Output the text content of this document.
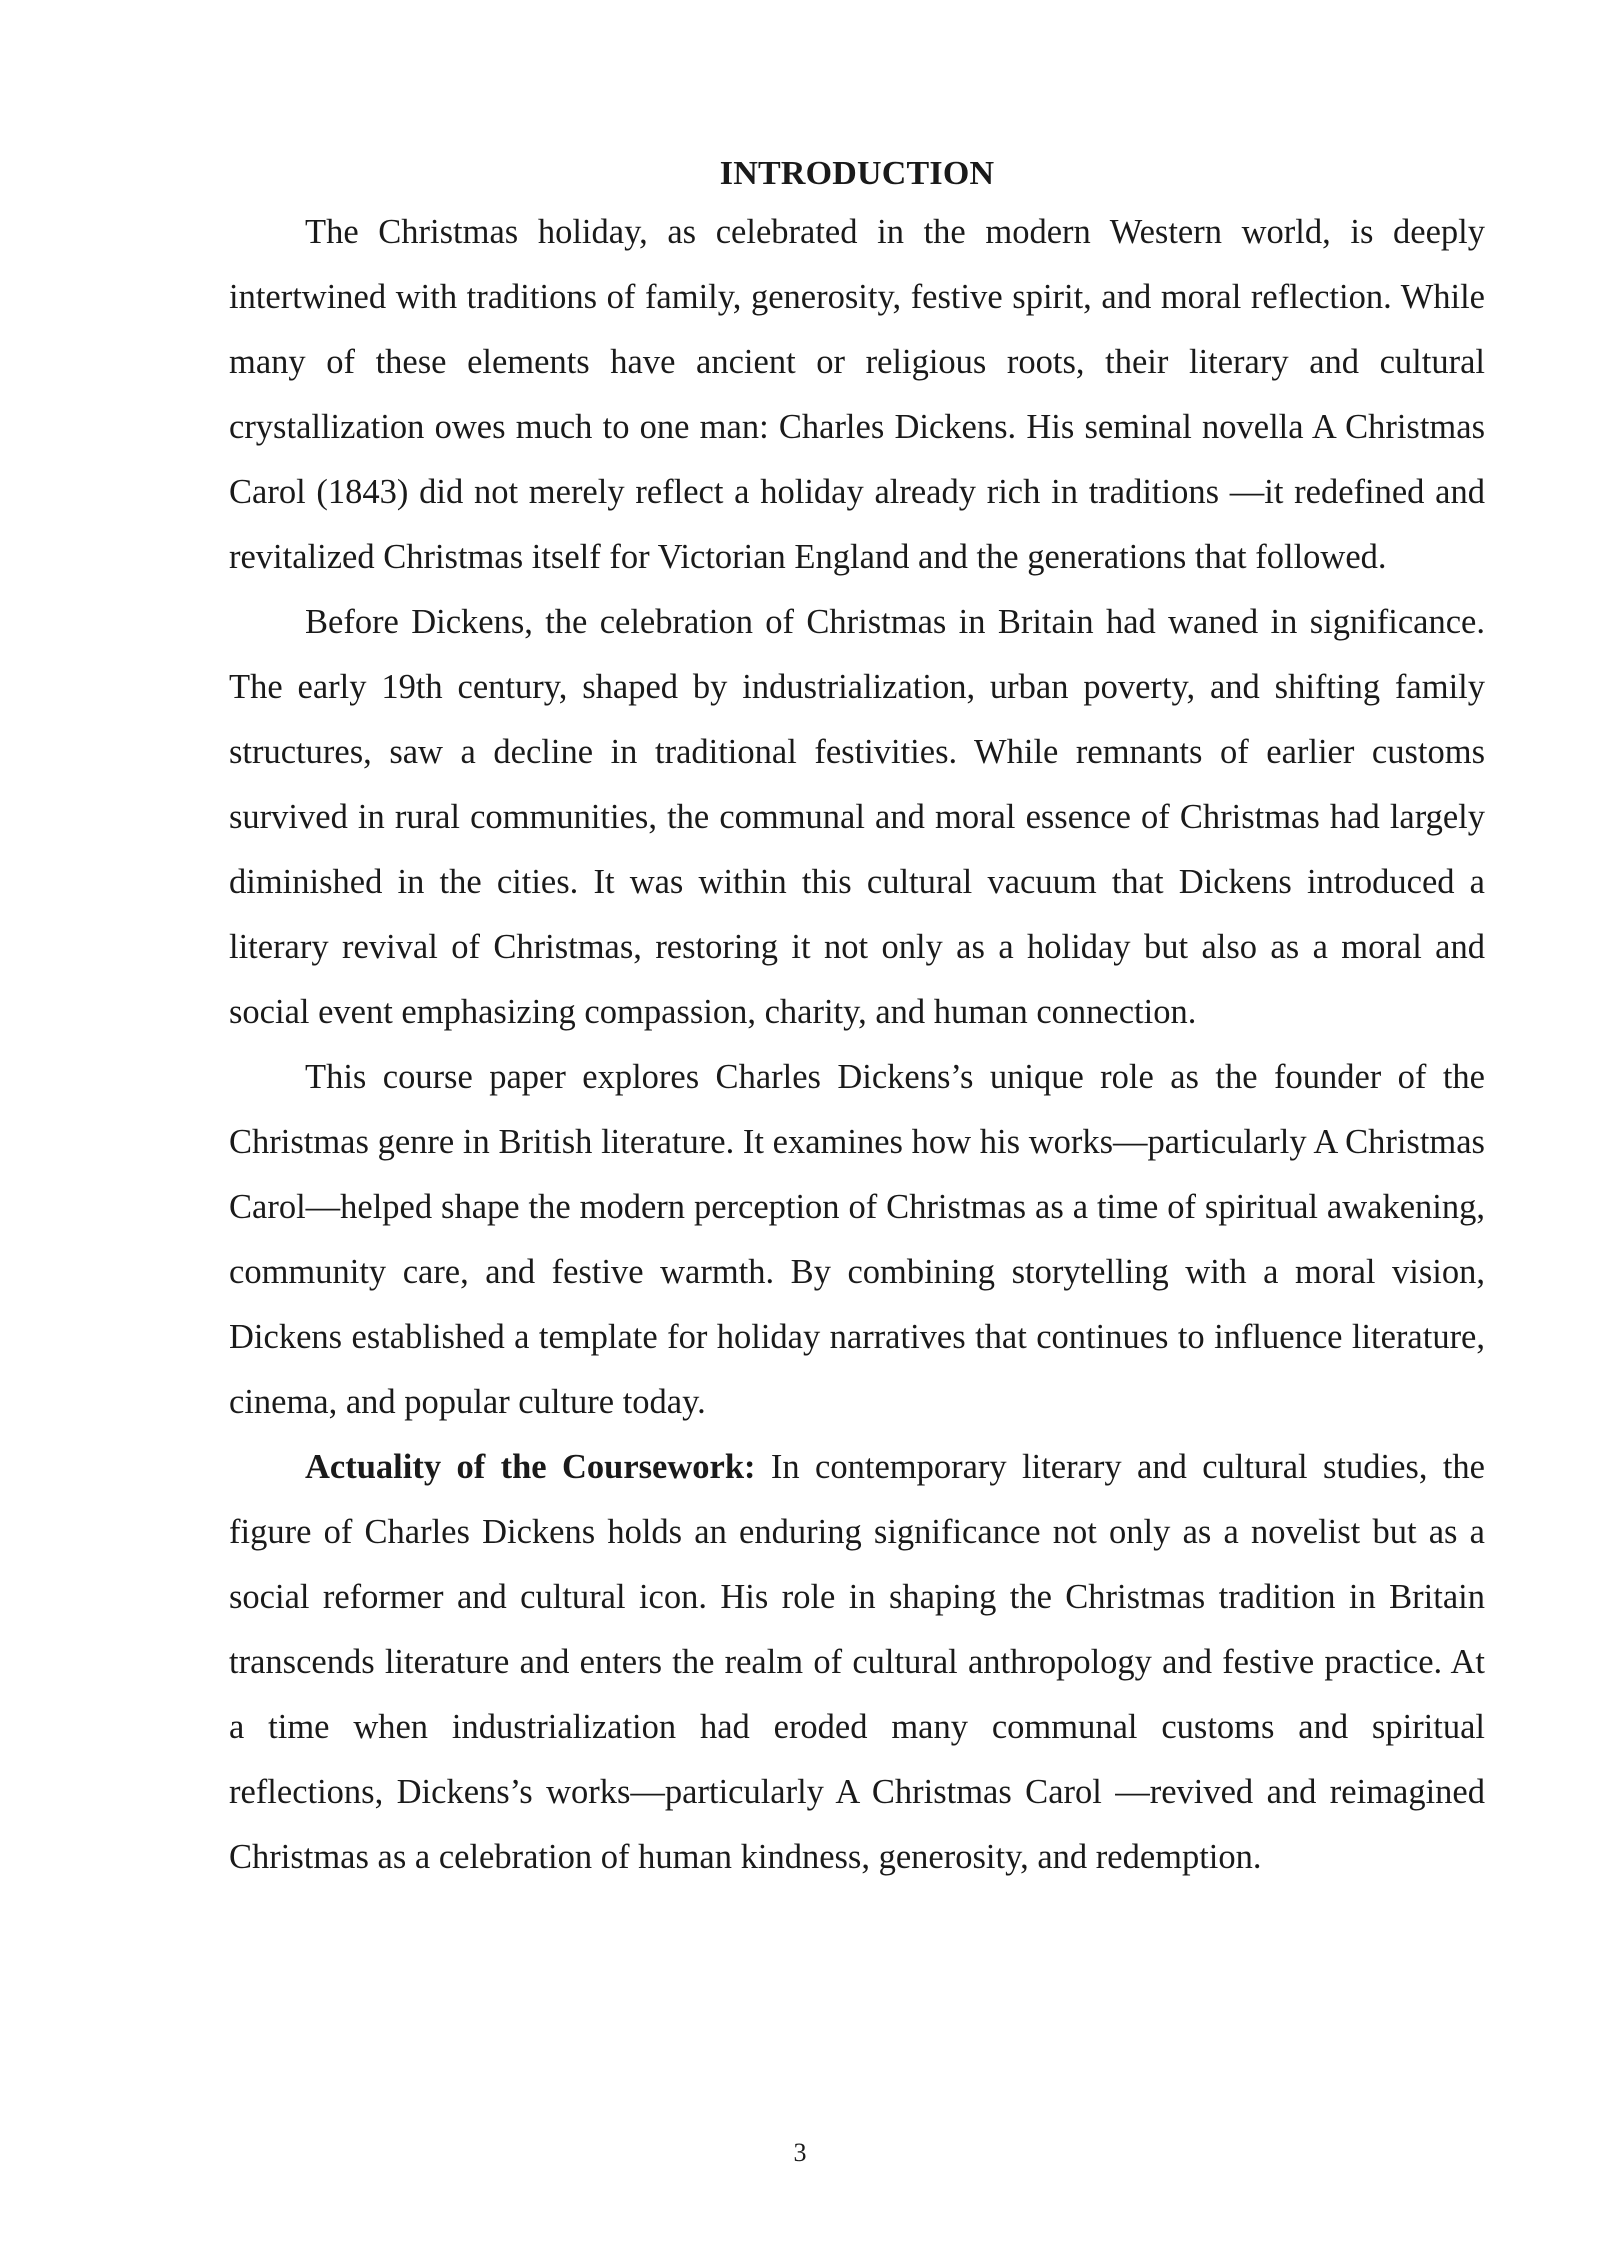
INTRODUCTION

The Christmas holiday, as celebrated in the modern Western world, is deeply intertwined with traditions of family, generosity, festive spirit, and moral reflection. While many of these elements have ancient or religious roots, their literary and cultural crystallization owes much to one man: Charles Dickens. His seminal novella A Christmas Carol (1843) did not merely reflect a holiday already rich in traditions —it redefined and revitalized Christmas itself for Victorian England and the generations that followed.

Before Dickens, the celebration of Christmas in Britain had waned in significance. The early 19th century, shaped by industrialization, urban poverty, and shifting family structures, saw a decline in traditional festivities. While remnants of earlier customs survived in rural communities, the communal and moral essence of Christmas had largely diminished in the cities. It was within this cultural vacuum that Dickens introduced a literary revival of Christmas, restoring it not only as a holiday but also as a moral and social event emphasizing compassion, charity, and human connection.

This course paper explores Charles Dickens’s unique role as the founder of the Christmas genre in British literature. It examines how his works—particularly A Christmas Carol—helped shape the modern perception of Christmas as a time of spiritual awakening, community care, and festive warmth. By combining storytelling with a moral vision, Dickens established a template for holiday narratives that continues to influence literature, cinema, and popular culture today.

Actuality of the Coursework: In contemporary literary and cultural studies, the figure of Charles Dickens holds an enduring significance not only as a novelist but as a social reformer and cultural icon. His role in shaping the Christmas tradition in Britain transcends literature and enters the realm of cultural anthropology and festive practice. At a time when industrialization had eroded many communal customs and spiritual reflections, Dickens’s works—particularly A Christmas Carol —revived and reimagined Christmas as a celebration of human kindness, generosity, and redemption.

3
